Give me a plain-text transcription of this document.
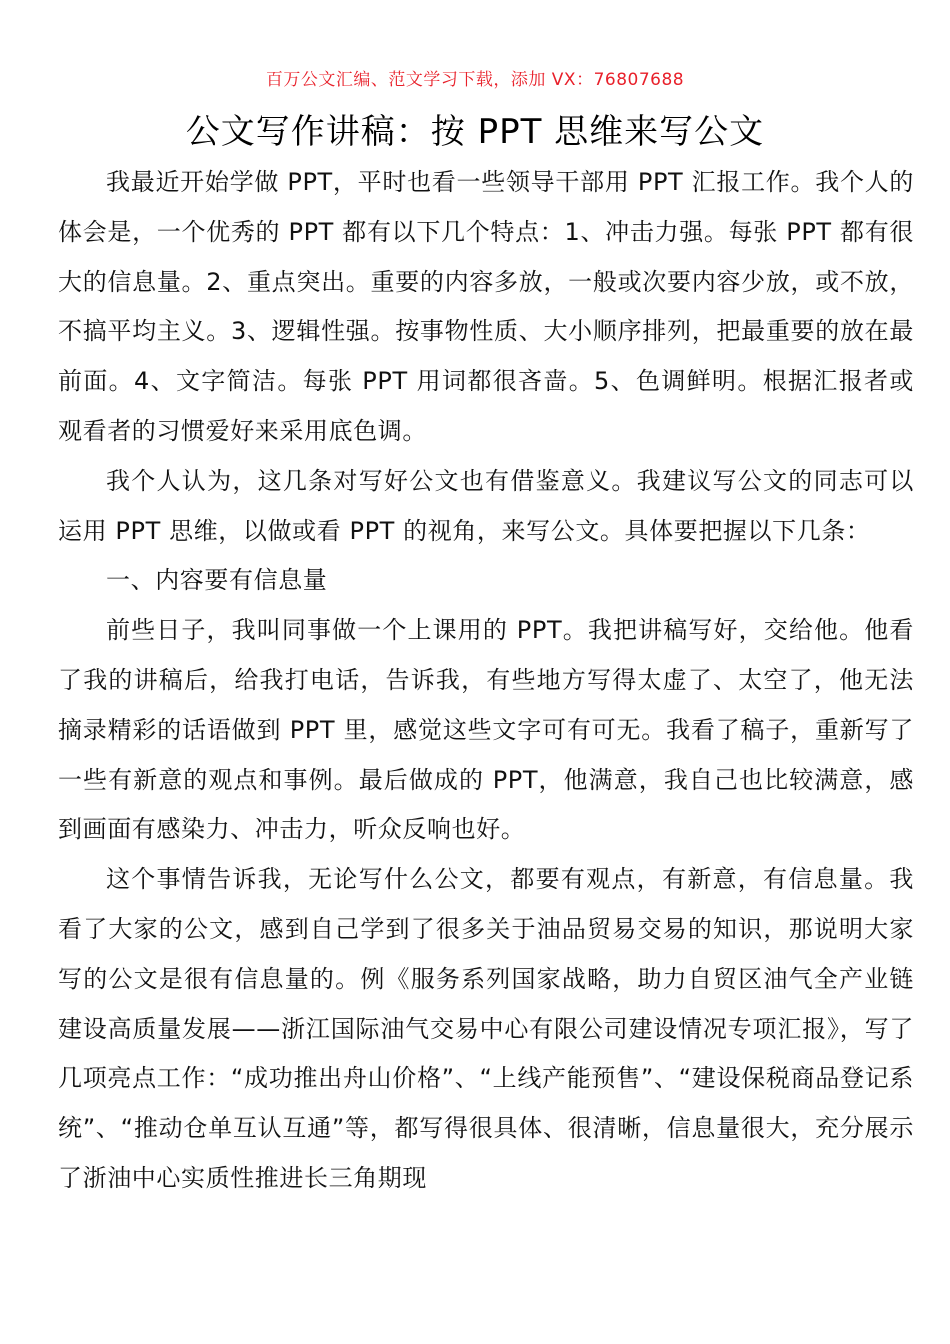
百万公文汇编、范文学习下载，添加 VX：76807688
公文写作讲稿：按 PPT 思维来写公文

我最近开始学做 PPT，平时也看一些领导干部用 PPT 汇报工作。我个人的体会是，一个优秀的 PPT 都有以下几个特点：1、冲击力强。每张 PPT 都有很大的信息量。2、重点突出。重要的内容多放，一般或次要内容少放，或不放，不搞平均主义。3、逻辑性强。按事物性质、大小顺序排列，把最重要的放在最前面。4、文字简洁。每张 PPT 用词都很吝啬。5、色调鲜明。根据汇报者或观看者的习惯爱好来采用底色调。

我个人认为，这几条对写好公文也有借鉴意义。我建议写公文的同志可以运用 PPT 思维，以做或看 PPT 的视角，来写公文。具体要把握以下几条：

一、内容要有信息量

前些日子，我叫同事做一个上课用的 PPT。我把讲稿写好，交给他。他看了我的讲稿后，给我打电话，告诉我，有些地方写得太虚了、太空了，他无法摘录精彩的话语做到 PPT 里，感觉这些文字可有可无。我看了稿子，重新写了一些有新意的观点和事例。最后做成的 PPT，他满意，我自己也比较满意，感到画面有感染力、冲击力，听众反响也好。

这个事情告诉我，无论写什么公文，都要有观点，有新意，有信息量。我看了大家的公文，感到自己学到了很多关于油品贸易交易的知识，那说明大家写的公文是很有信息量的。例《服务系列国家战略，助力自贸区油气全产业链建设高质量发展——浙江国际油气交易中心有限公司建设情况专项汇报》，写了几项亮点工作：“成功推出舟山价格”、“上线产能预售”、“建设保税商品登记系统”、“推动仓单互认互通”等，都写得很具体、很清晰，信息量很大，充分展示了浙油中心实质性推进长三角期现
